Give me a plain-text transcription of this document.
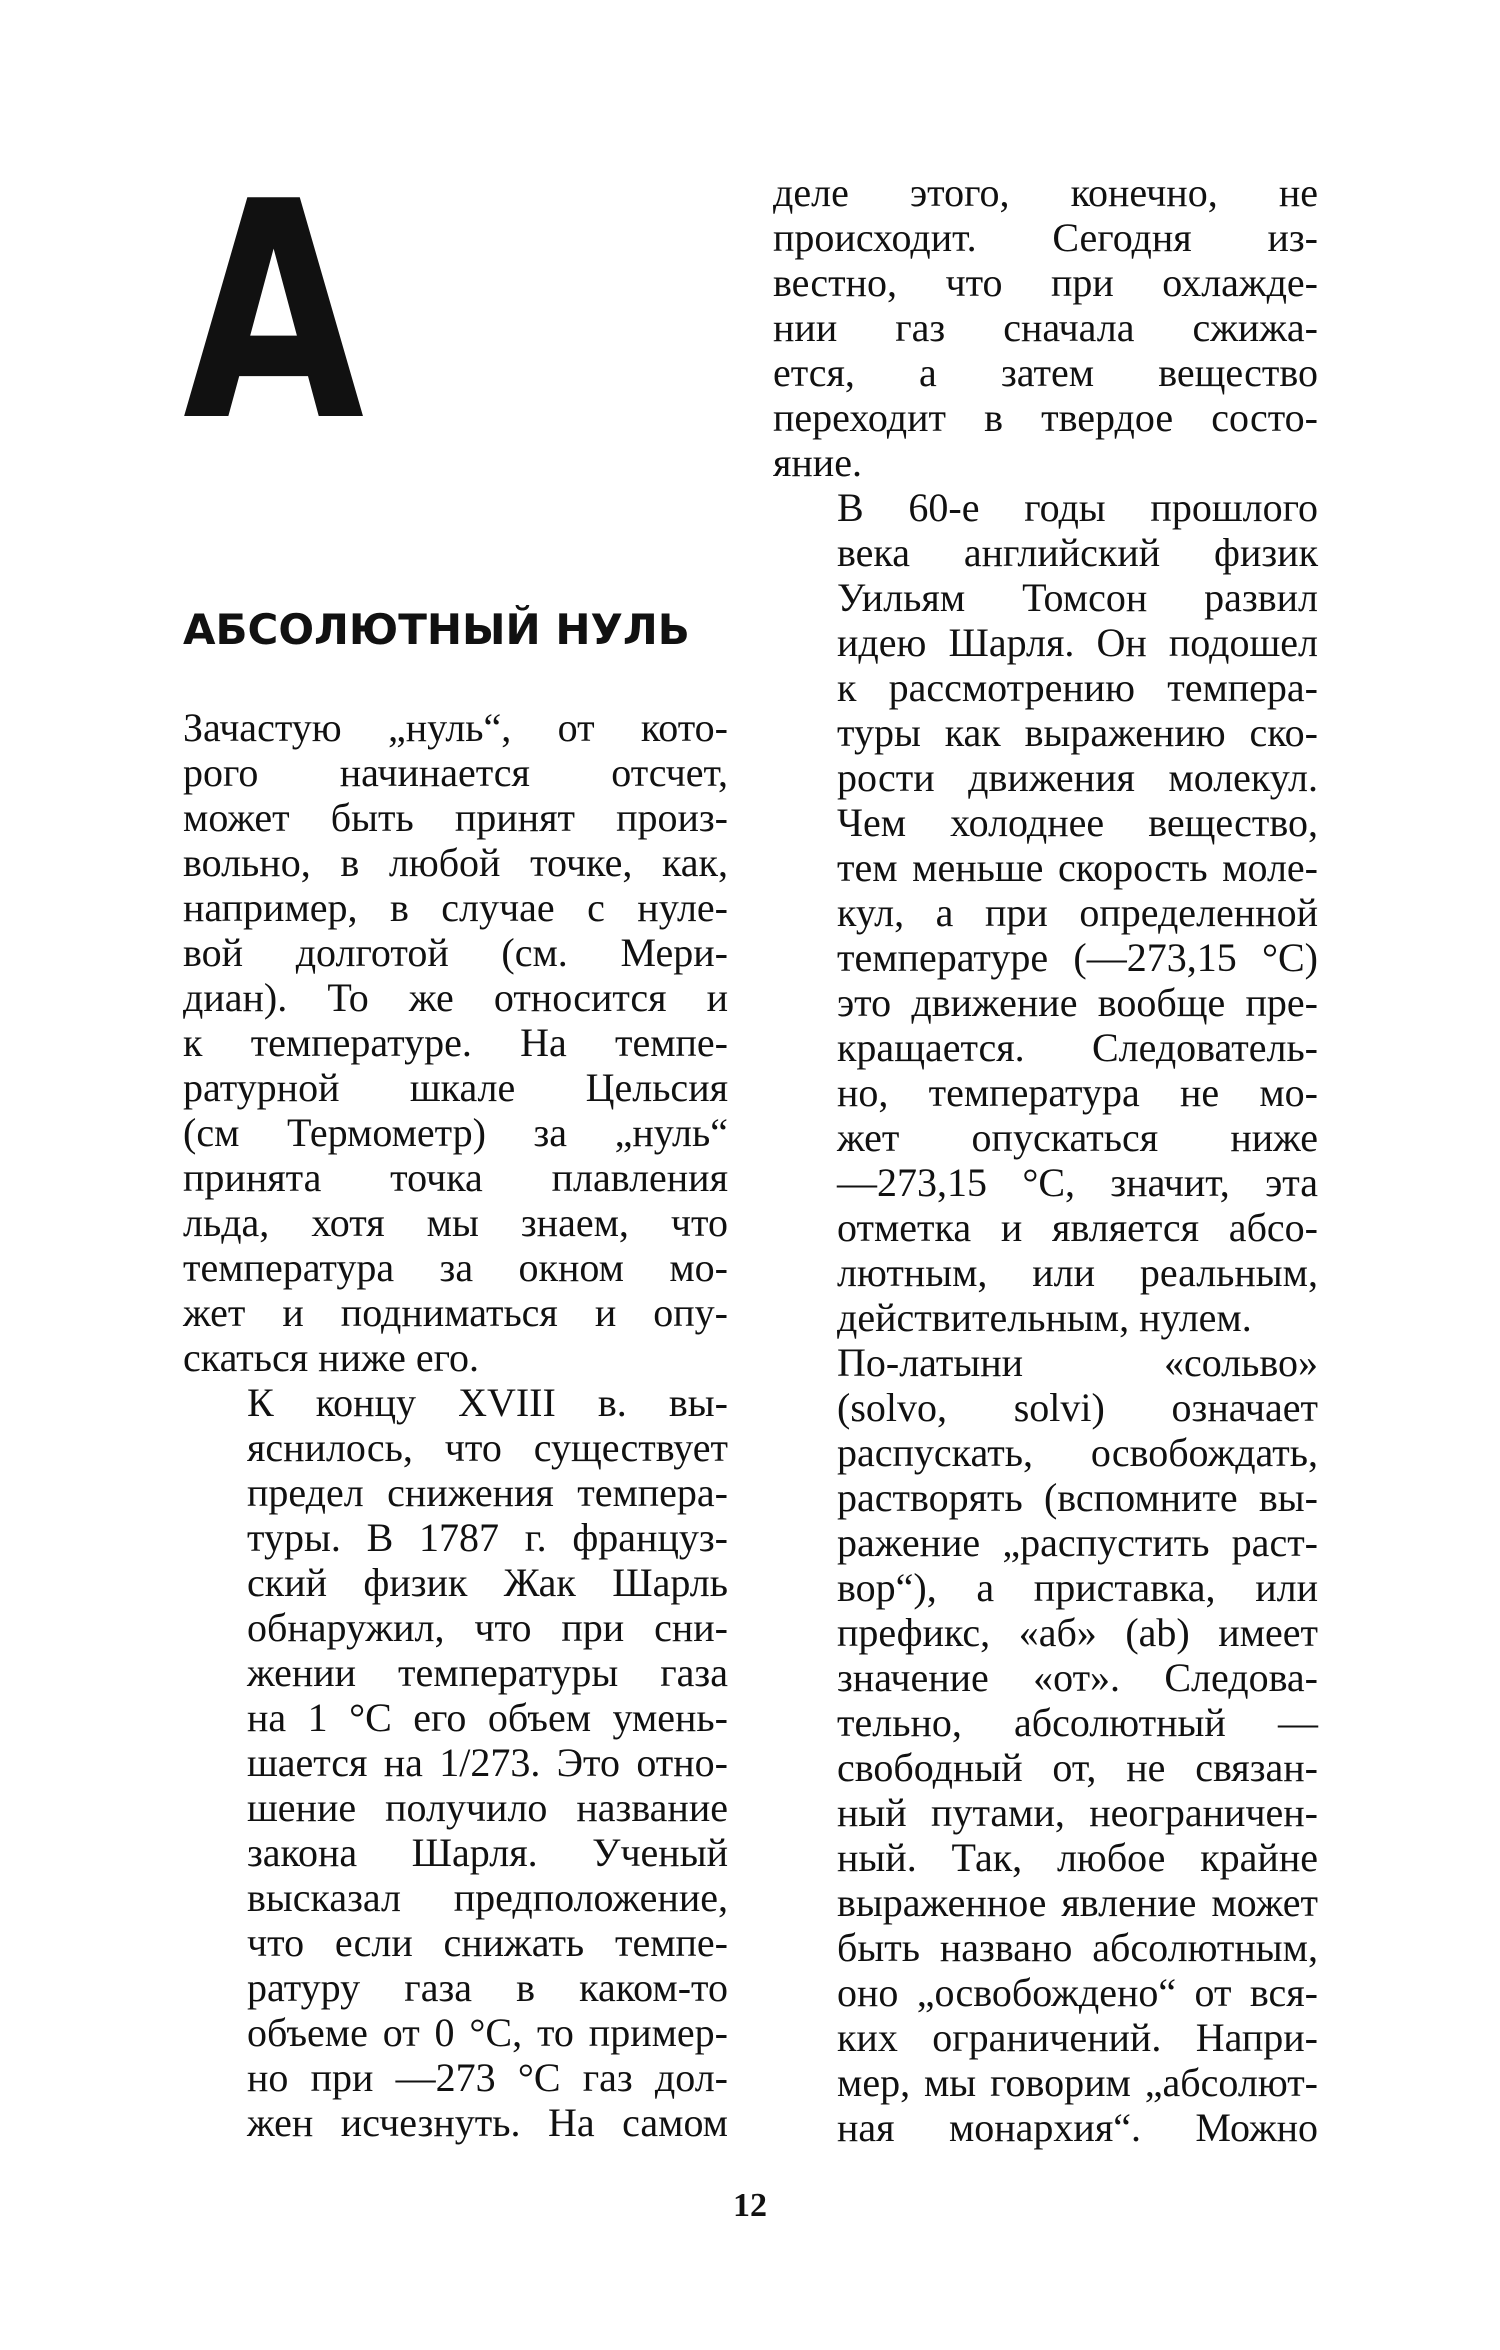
А
АБСОЛЮТНЫЙ НУЛЬ

Зачастую „нуль“, от кото-
рого начинается отсчет,
может быть принят произ-
вольно, в любой точке, как,
например, в случае с нуле-
вой долготой (см. Мери-
диан). То же относится и
к температуре. На темпе-
ратурной шкале Цельсия
(см Термометр) за „нуль“
принята точка плавления
льда, хотя мы знаем, что
температура за окном мо-
жет и подниматься и опу-
скаться ниже его.

К концу XVIII в. вы-
яснилось, что существует
предел снижения темпера-
туры. В 1787 г. француз-
ский физик Жак Шарль
обнаружил, что при сни-
жении температуры газа
на 1 °С его объем умень-
шается на 1/273. Это отно-
шение получило название
закона Шарля. Ученый
высказал предположение,
что если снижать темпе-
ратуру газа в каком-то
объеме от 0 °С, то пример-
но при —273 °С газ дол-
жен исчезнуть. На самом

деле этого, конечно, не
происходит. Сегодня из-
вестно, что при охлажде-
нии газ сначала сжижа-
ется, а затем вещество
переходит в твердое состо-
яние.

В 60-е годы прошлого
века английский физик
Уильям Томсон развил
идею Шарля. Он подошел
к рассмотрению темпера-
туры как выражению ско-
рости движения молекул.
Чем холоднее вещество,
тем меньше скорость моле-
кул, а при определенной
температуре (—273,15 °С)
это движение вообще пре-
кращается. Следователь-
но, температура не мо-
жет опускаться ниже
—273,15 °С, значит, эта
отметка и является абсо-
лютным, или реальным,
действительным, нулем.

По-латыни «сольво»
(solvo, solvi) означает
распускать, освобождать,
растворять (вспомните вы-
ражение „распустить раст-
вор“), а приставка, или
префикс, «аб» (ab) имеет
значение «от». Следова-
тельно, абсолютный —
свободный от, не связан-
ный путами, неограничен-
ный. Так, любое крайне
выраженное явление может
быть названо абсолютным,
оно „освобождено“ от вся-
ких ограничений. Напри-
мер, мы говорим „абсолют-
ная монархия“. Можно

12
